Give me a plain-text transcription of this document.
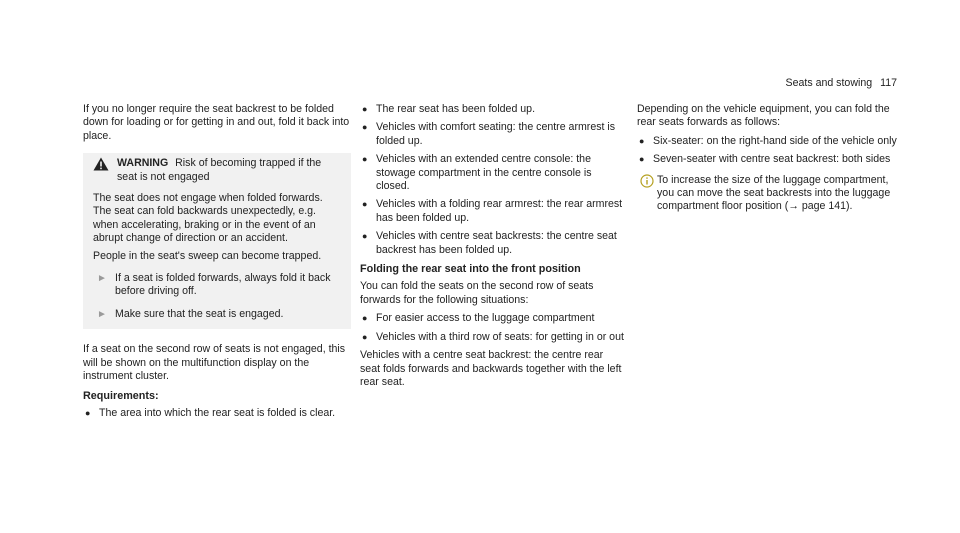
Seats and stowing 117

If you no longer require the seat backrest to be folded down for loading or for getting in and out, fold it back into place.

WARNING Risk of becoming trapped if the seat is not engaged

The seat does not engage when folded forwards. The seat can fold backwards unexpectedly, e.g. when accelerating, braking or in the event of an abrupt change of direction or an accident.

People in the seat's sweep can become trapped.

► If a seat is folded forwards, always fold it back before driving off.
► Make sure that the seat is engaged.

If a seat on the second row of seats is not engaged, this will be shown on the multifunction display on the instrument cluster.

Requirements:
● The area into which the rear seat is folded is clear.
● The rear seat has been folded up.
● Vehicles with comfort seating: the centre armrest is folded up.
● Vehicles with an extended centre console: the stowage compartment in the centre console is closed.
● Vehicles with a folding rear armrest: the rear armrest has been folded up.
● Vehicles with centre seat backrests: the centre seat backrest has been folded up.
Folding the rear seat into the front position

You can fold the seats on the second row of seats forwards for the following situations:

● For easier access to the luggage compartment
● Vehicles with a third row of seats: for getting in or out

Vehicles with a centre seat backrest: the centre rear seat folds forwards and backwards together with the left rear seat.

Depending on the vehicle equipment, you can fold the rear seats forwards as follows:

● Six-seater: on the right-hand side of the vehicle only
● Seven-seater with centre seat backrest: both sides
To increase the size of the luggage compartment, you can move the seat backrests into the luggage compartment floor position (→ page 141).
